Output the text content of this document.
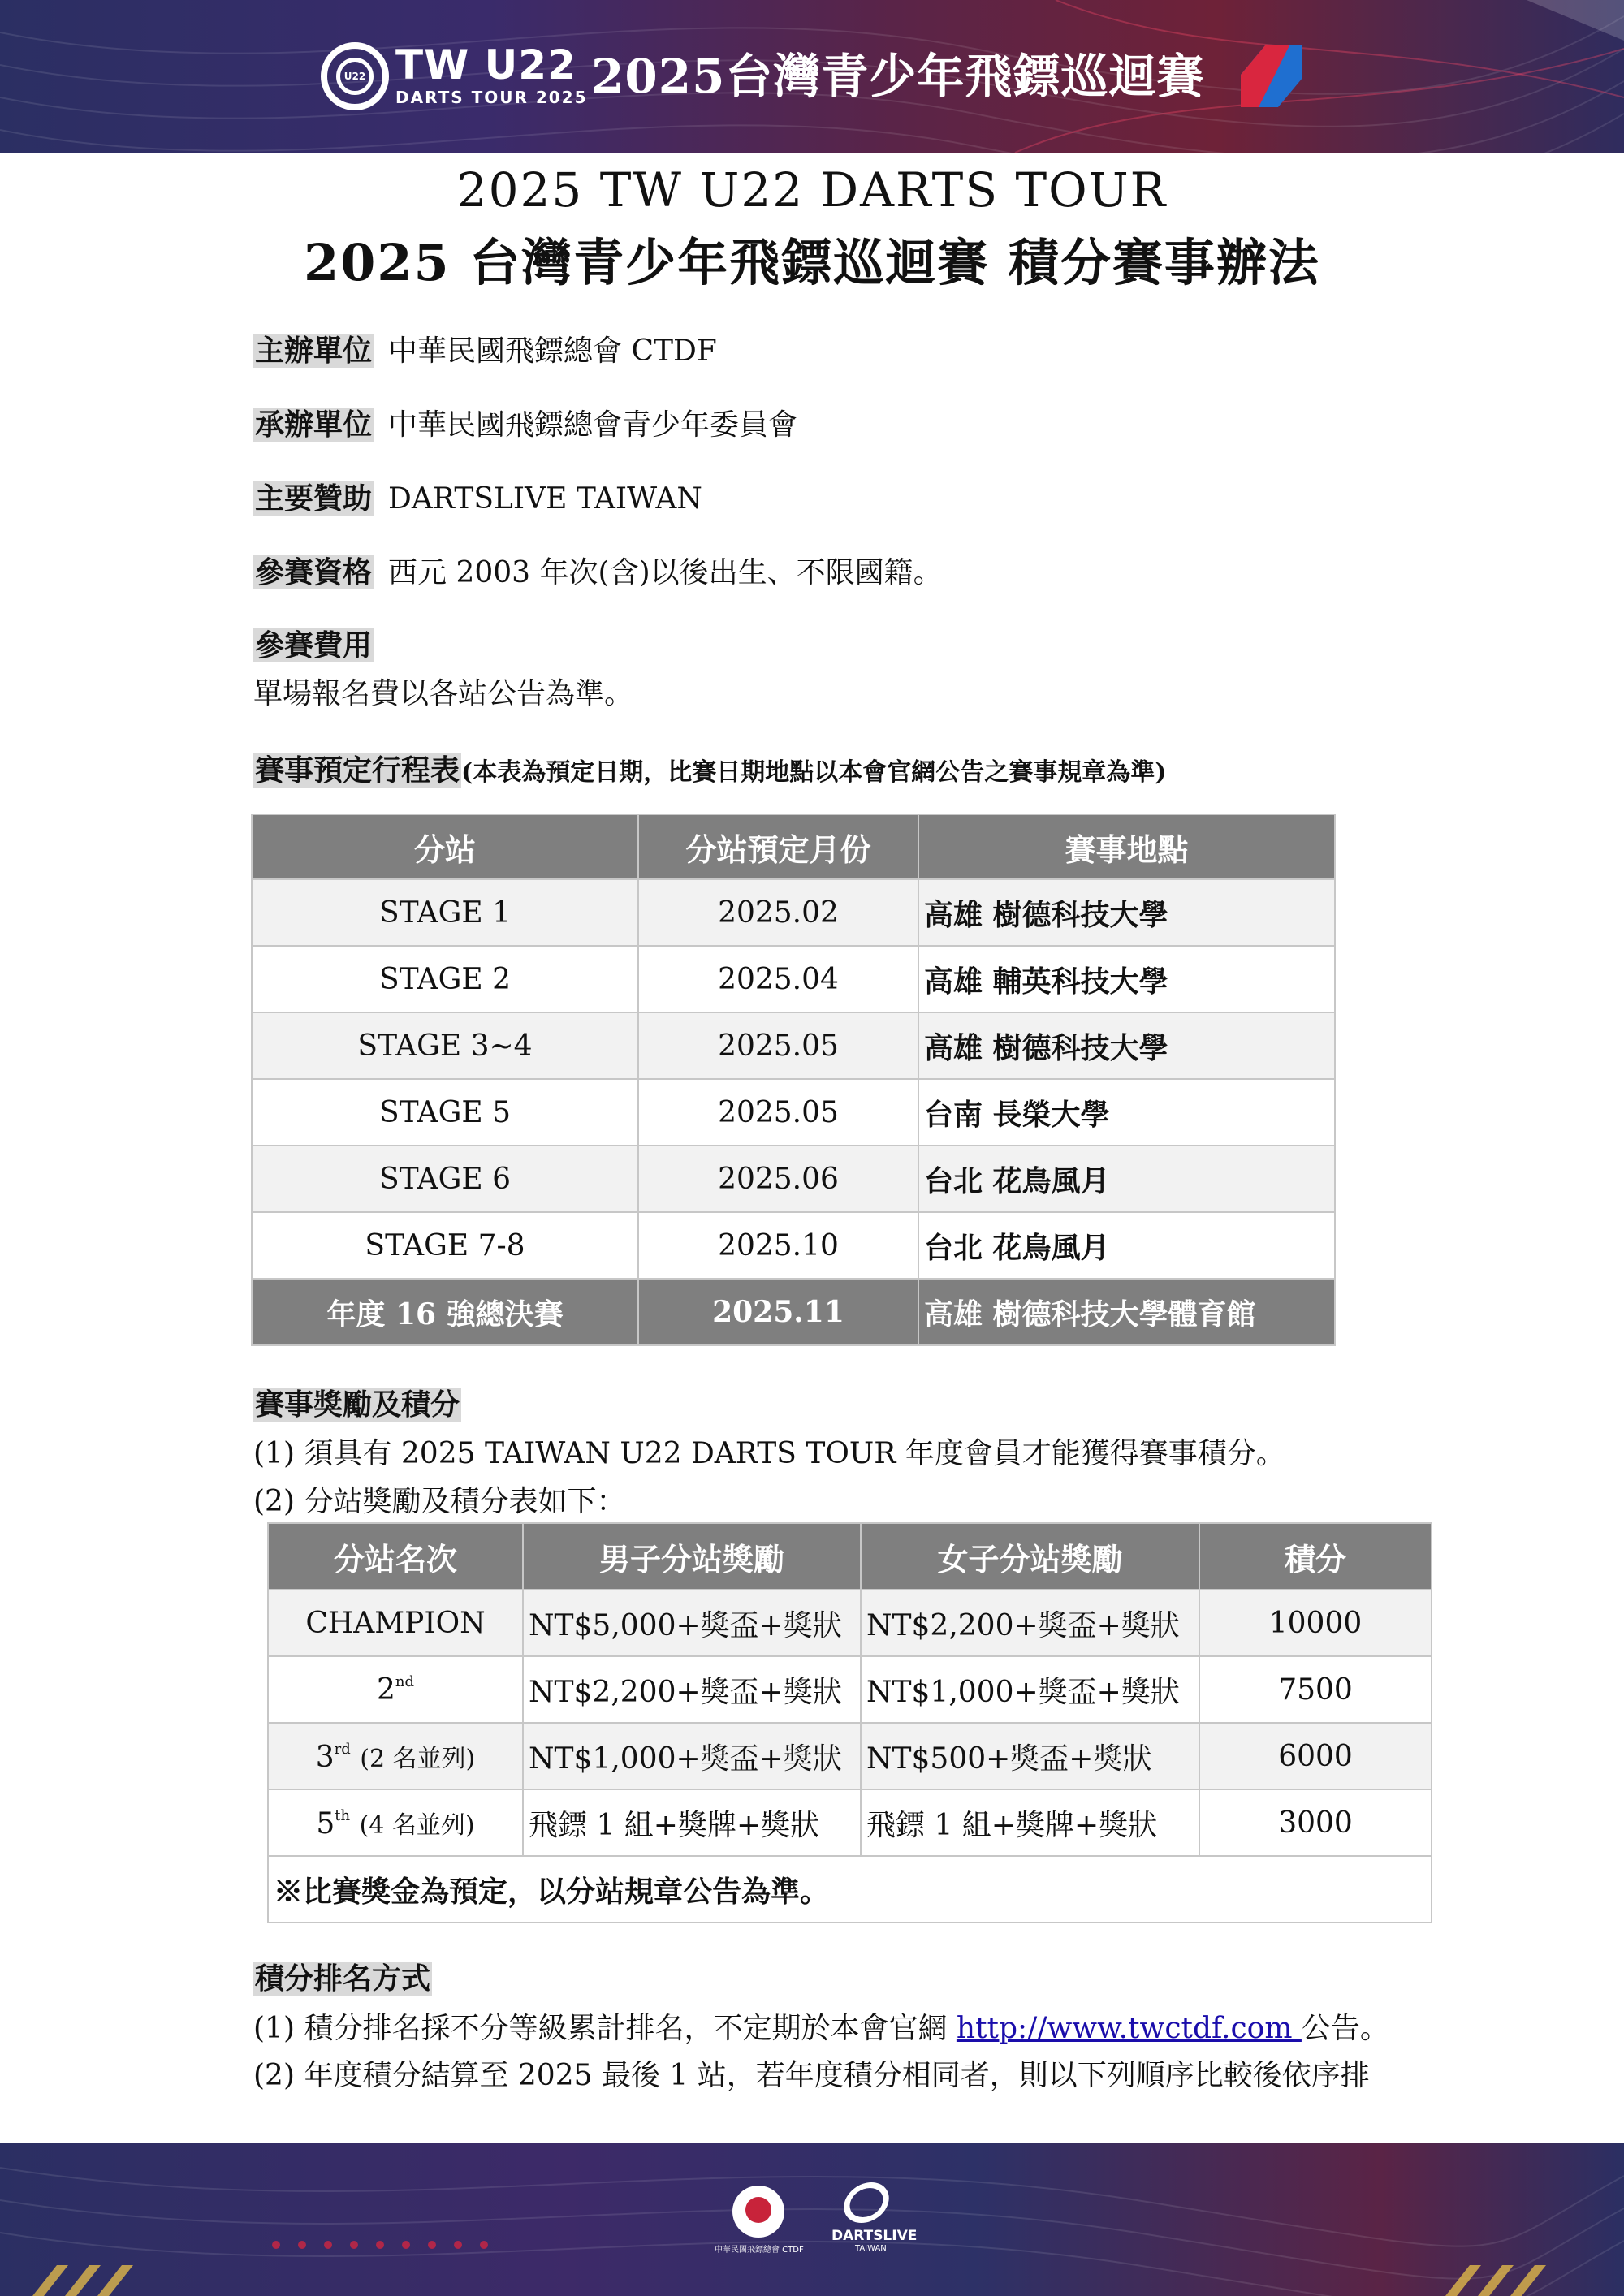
U22 TW U22
DARTS TOUR 2025 2025台灣青少年飛鏢巡迴賽
2025 TW U22 DARTS TOUR
2025 台灣青少年飛鏢巡迴賽 積分賽事辦法
主辦單位 中華民國飛鏢總會 CTDF
承辦單位 中華民國飛鏢總會青少年委員會
主要贊助 DARTSLIVE TAIWAN
參賽資格 西元 2003 年次(含)以後出生、不限國籍。
參賽費用
單場報名費以各站公告為準。
賽事預定行程表(本表為預定日期，比賽日期地點以本會官網公告之賽事規章為準)
分站	分站預定月份	賽事地點
STAGE 1	2025.02	高雄 樹德科技大學
STAGE 2	2025.04	高雄 輔英科技大學
STAGE 3~4	2025.05	高雄 樹德科技大學
STAGE 5	2025.05	台南 長榮大學
STAGE 6	2025.06	台北 花鳥風月
STAGE 7-8	2025.10	台北 花鳥風月
年度 16 強總決賽	2025.11	高雄 樹德科技大學體育館
賽事獎勵及積分
(1) 須具有 2025 TAIWAN U22 DARTS TOUR 年度會員才能獲得賽事積分。
(2) 分站獎勵及積分表如下：
分站名次	男子分站獎勵	女子分站獎勵	積分
CHAMPION	NT$5,000+獎盃+獎狀	NT$2,200+獎盃+獎狀	10000
2nd	NT$2,200+獎盃+獎狀	NT$1,000+獎盃+獎狀	7500
3rd (2 名並列)	NT$1,000+獎盃+獎狀	NT$500+獎盃+獎狀	6000
5th (4 名並列)	飛鏢 1 組+獎牌+獎狀	飛鏢 1 組+獎牌+獎狀	3000
※比賽獎金為預定，以分站規章公告為準。			
積分排名方式
(1) 積分排名採不分等級累計排名，不定期於本會官網 http://www.twctdf.com 公告。
(2) 年度積分結算至 2025 最後 1 站，若年度積分相同者，則以下列順序比較後依序排
中華民國飛鏢總會 CTDF
DARTSLIVE
TAIWAN
